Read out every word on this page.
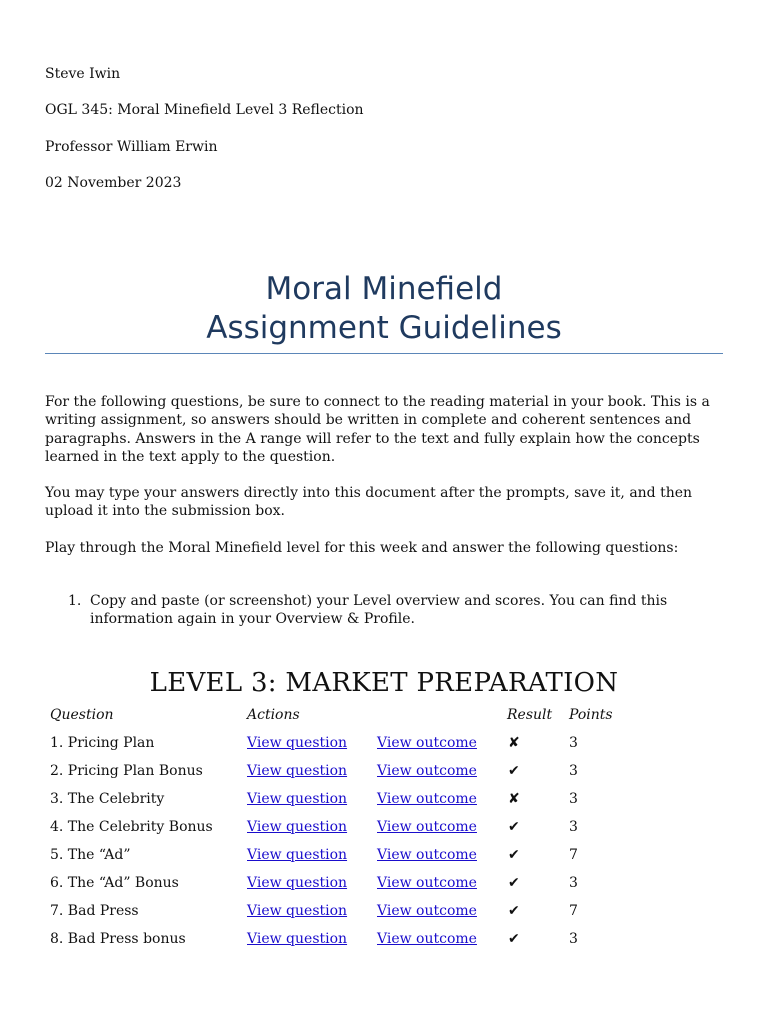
Steve Iwin
OGL 345: Moral Minefield Level 3 Reflection
Professor William Erwin
02 November 2023
Moral Minefield
Assignment Guidelines
For the following questions, be sure to connect to the reading material in your book. This is a writing assignment, so answers should be written in complete and coherent sentences and paragraphs. Answers in the A range will refer to the text and fully explain how the concepts learned in the text apply to the question.
You may type your answers directly into this document after the prompts, save it, and then upload it into the submission box.
Play through the Moral Minefield level for this week and answer the following questions:
1. Copy and paste (or screenshot) your Level overview and scores. You can find this information again in your Overview & Profile.
LEVEL 3: MARKET PREPARATION
Question	Actions	Result Points
1. Pricing Plan	View question View outcome ✘	3
2. Pricing Plan Bonus	View question View outcome ✔	3
3. The Celebrity	View question View outcome ✘	3
4. The Celebrity Bonus View question View outcome ✔	3
5. The “Ad”	View question View outcome ✔	7
6. The “Ad” Bonus	View question View outcome ✔	3
7. Bad Press	View question View outcome ✔	7
8. Bad Press bonus	View question View outcome ✔	3
